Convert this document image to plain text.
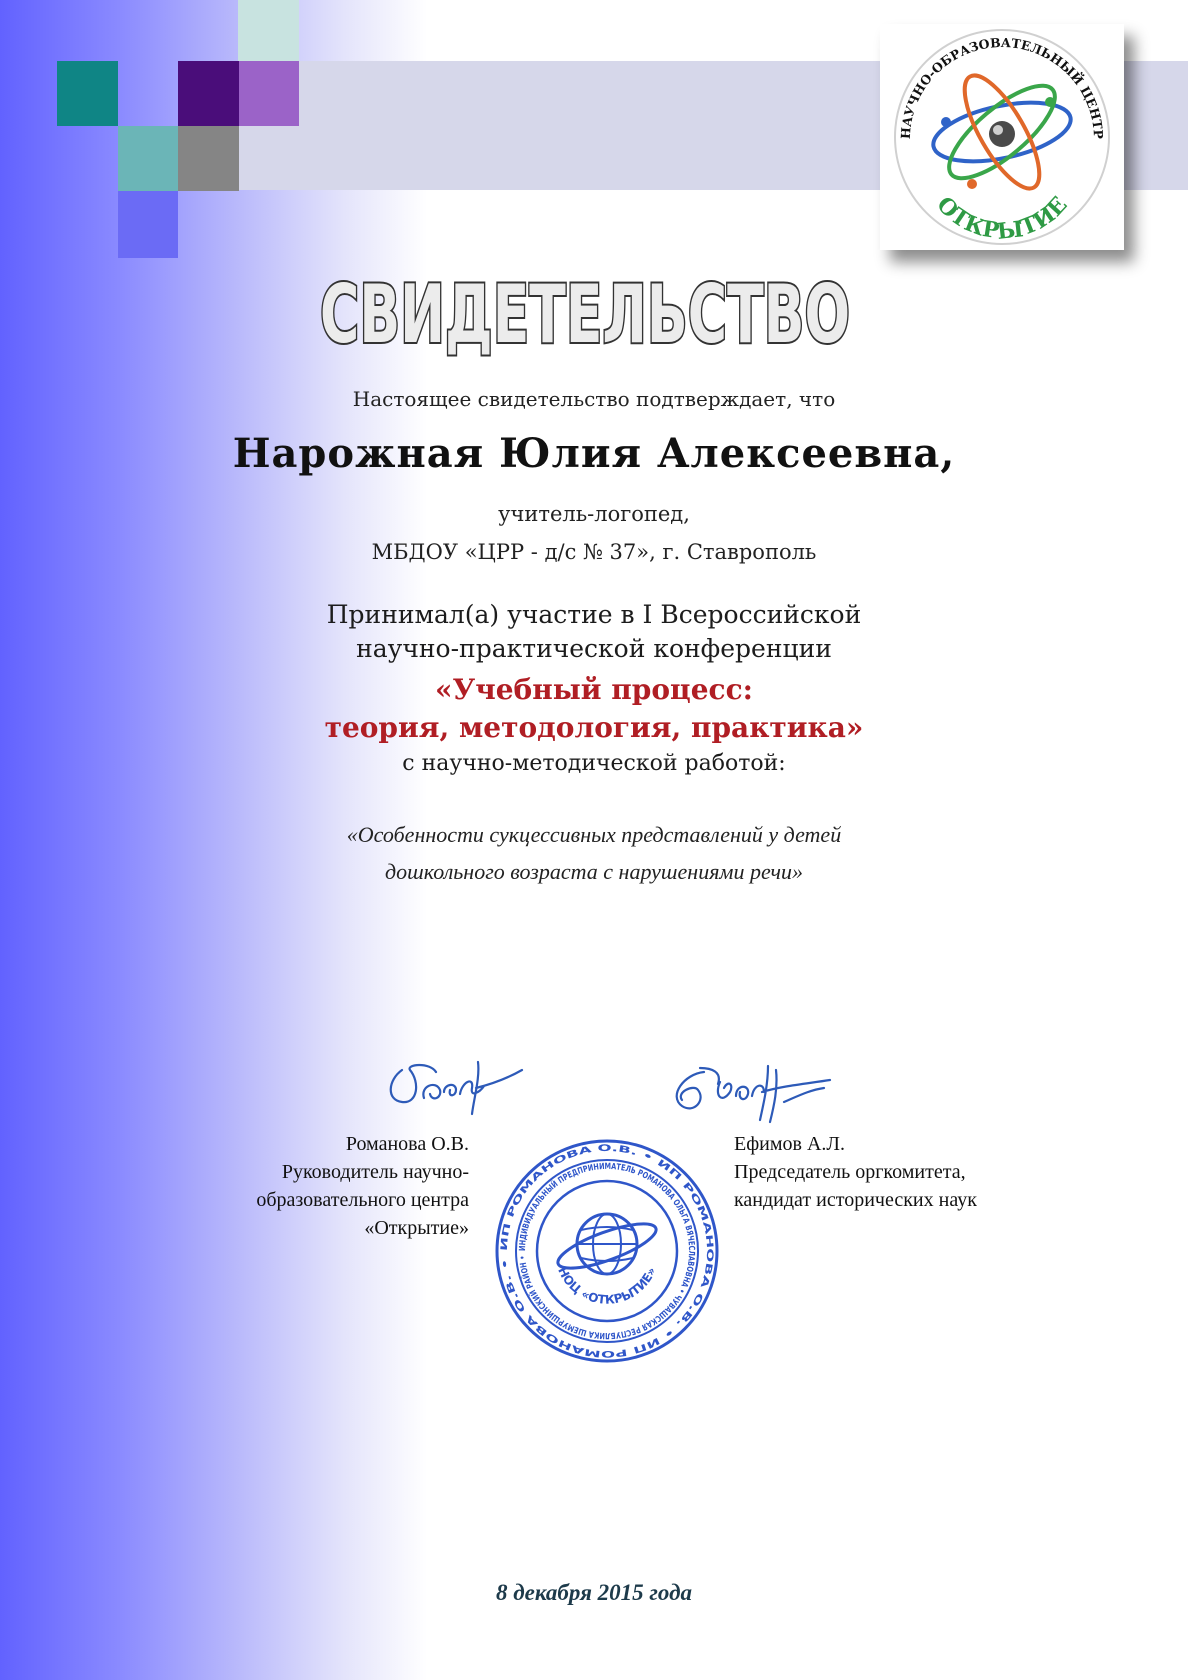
НАУЧНО-ОБРАЗОВАТЕЛЬНЫЙ ЦЕНТР
ОТКРЫТИЕ
СВИДЕТЕЛЬСТВО
Настоящее свидетельство подтверждает, что
Нарожная Юлия Алексеевна,
учитель-логопед,
МБДОУ «ЦРР - д/с № 37», г. Ставрополь
Принимал(а) участие в I Всероссийской
научно-практической конференции
«Учебный процесс:
теория, методология, практика»
с научно-методической работой:
«Особенности сукцессивных представлений у детей
дошкольного возраста с нарушениями речи»
Романова О.В.
Руководитель научно-
образовательного центра
«Открытие»
Ефимов А.Л.
Председатель оргкомитета,
кандидат исторических наук
ИП РОМАНОВА О.В. • ИП РОМАНОВА О.В. • ИП РОМАНОВА О.В. •
ИНДИВИДУАЛЬНЫЙ ПРЕДПРИНИМАТЕЛЬ РОМАНОВА ОЛЬГА ВЯЧЕСЛАВОВНА • ЧУВАШСКАЯ РЕСПУБЛИКА ШЕМУРШИНСКИЙ РАЙОН •
НОЦ «ОТКРЫТИЕ»
8 декабря 2015 года
